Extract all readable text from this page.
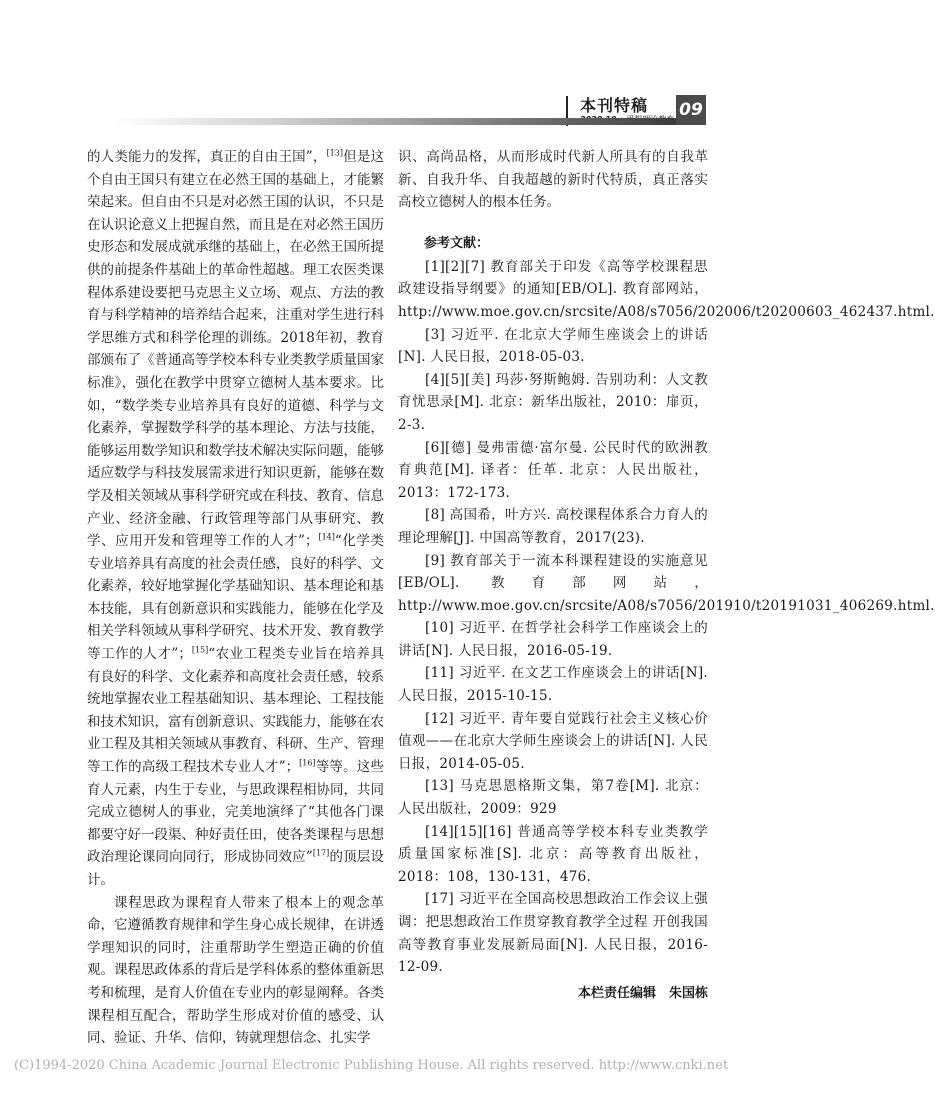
本刊特稿 09

的人类能力的发挥，真正的自由王国”，[13]但是这个自由王国只有建立在必然王国的基础上，才能繁荣起来。但自由不只是对必然王国的认识，不只是在认识论意义上把握自然，而且是在对必然王国历史形态和发展成就承继的基础上，在必然王国所提供的前提条件基础上的革命性超越。理工农医类课程体系建设要把马克思主义立场、观点、方法的教育与科学精神的培养结合起来，注重对学生进行科学思维方式和科学伦理的训练。2018年初，教育部颁布了《普通高等学校本科专业类教学质量国家标准》，强化在教学中贯穿立德树人基本要求。比如，“数学类专业培养具有良好的道德、科学与文化素养，掌握数学科学的基本理论、方法与技能，能够运用数学知识和数学技术解决实际问题，能够适应数学与科技发展需求进行知识更新，能够在数学及相关领域从事科学研究或在科技、教育、信息产业、经济金融、行政管理等部门从事研究、教学、应用开发和管理等工作的人才”；[14]“化学类专业培养具有高度的社会责任感，良好的科学、文化素养，较好地掌握化学基础知识、基本理论和基本技能，具有创新意识和实践能力，能够在化学及相关学科领域从事科学研究、技术开发、教育教学等工作的人才”；[15]“农业工程类专业旨在培养具有良好的科学、文化素养和高度社会责任感，较系统地掌握农业工程基础知识、基本理论、工程技能和技术知识，富有创新意识、实践能力，能够在农业工程及其相关领域从事教育、科研、生产、管理等工作的高级工程技术专业人才”；[16]等等。这些育人元素，内生于专业，与思政课程相协同，共同完成立德树人的事业，完美地演绎了“其他各门课都要守好一段渠、种好责任田，使各类课程与思想政治理论课同向同行，形成协同效应”[17]的顶层设计。

课程思政为课程育人带来了根本上的观念革命，它遵循教育规律和学生身心成长规律，在讲透学理知识的同时，注重帮助学生塑造正确的价值观。课程思政体系的背后是学科体系的整体重新思考和梳理，是育人价值在专业内的彰显阐释。各类课程相互配合，帮助学生形成对价值的感受、认同、验证、升华、信仰，铸就理想信念、扎实学

识、高尚品格，从而形成时代新人所具有的自我革新、自我升华、自我超越的新时代特质，真正落实高校立德树人的根本任务。

参考文献：

[1][2][7] 教育部关于印发《高等学校课程思政建设指导纲要》的通知[EB/OL]. 教育部网站，http://www.moe.gov.cn/srcsite/A08/s7056/202006/t20200603_462437.html.

[3] 习近平. 在北京大学师生座谈会上的讲话[N]. 人民日报，2018-05-03.

[4][5][美] 玛莎·努斯鲍姆. 告别功利：人文教育忧思录[M]. 北京：新华出版社，2010：扉页，2-3.

[6][德] 曼弗雷德·富尔曼. 公民时代的欧洲教育典范[M]. 译者：任革. 北京：人民出版社，2013：172-173.

[8] 高国希，叶方兴. 高校课程体系合力育人的理论理解[J]. 中国高等教育，2017(23).

[9] 教育部关于一流本科课程建设的实施意见[EB/OL]. 教育部网站，http://www.moe.gov.cn/srcsite/A08/s7056/201910/t20191031_406269.html.

[10] 习近平. 在哲学社会科学工作座谈会上的讲话[N]. 人民日报，2016-05-19.

[11] 习近平. 在文艺工作座谈会上的讲话[N]. 人民日报，2015-10-15.

[12] 习近平. 青年要自觉践行社会主义核心价值观——在北京大学师生座谈会上的讲话[N]. 人民日报，2014-05-05.

[13] 马克思恩格斯文集，第7卷[M]. 北京：人民出版社，2009：929

[14][15][16] 普通高等学校本科专业类教学质量国家标准[S]. 北京：高等教育出版社，2018：108，130-131，476.

[17] 习近平在全国高校思想政治工作会议上强调：把思想政治工作贯穿教育教学全过程 开创我国高等教育事业发展新局面[N]. 人民日报，2016-12-09.

本栏责任编辑　朱国栋
(C)1994-2020 China Academic Journal Electronic Publishing House. All rights reserved. http://www.cnki.net
